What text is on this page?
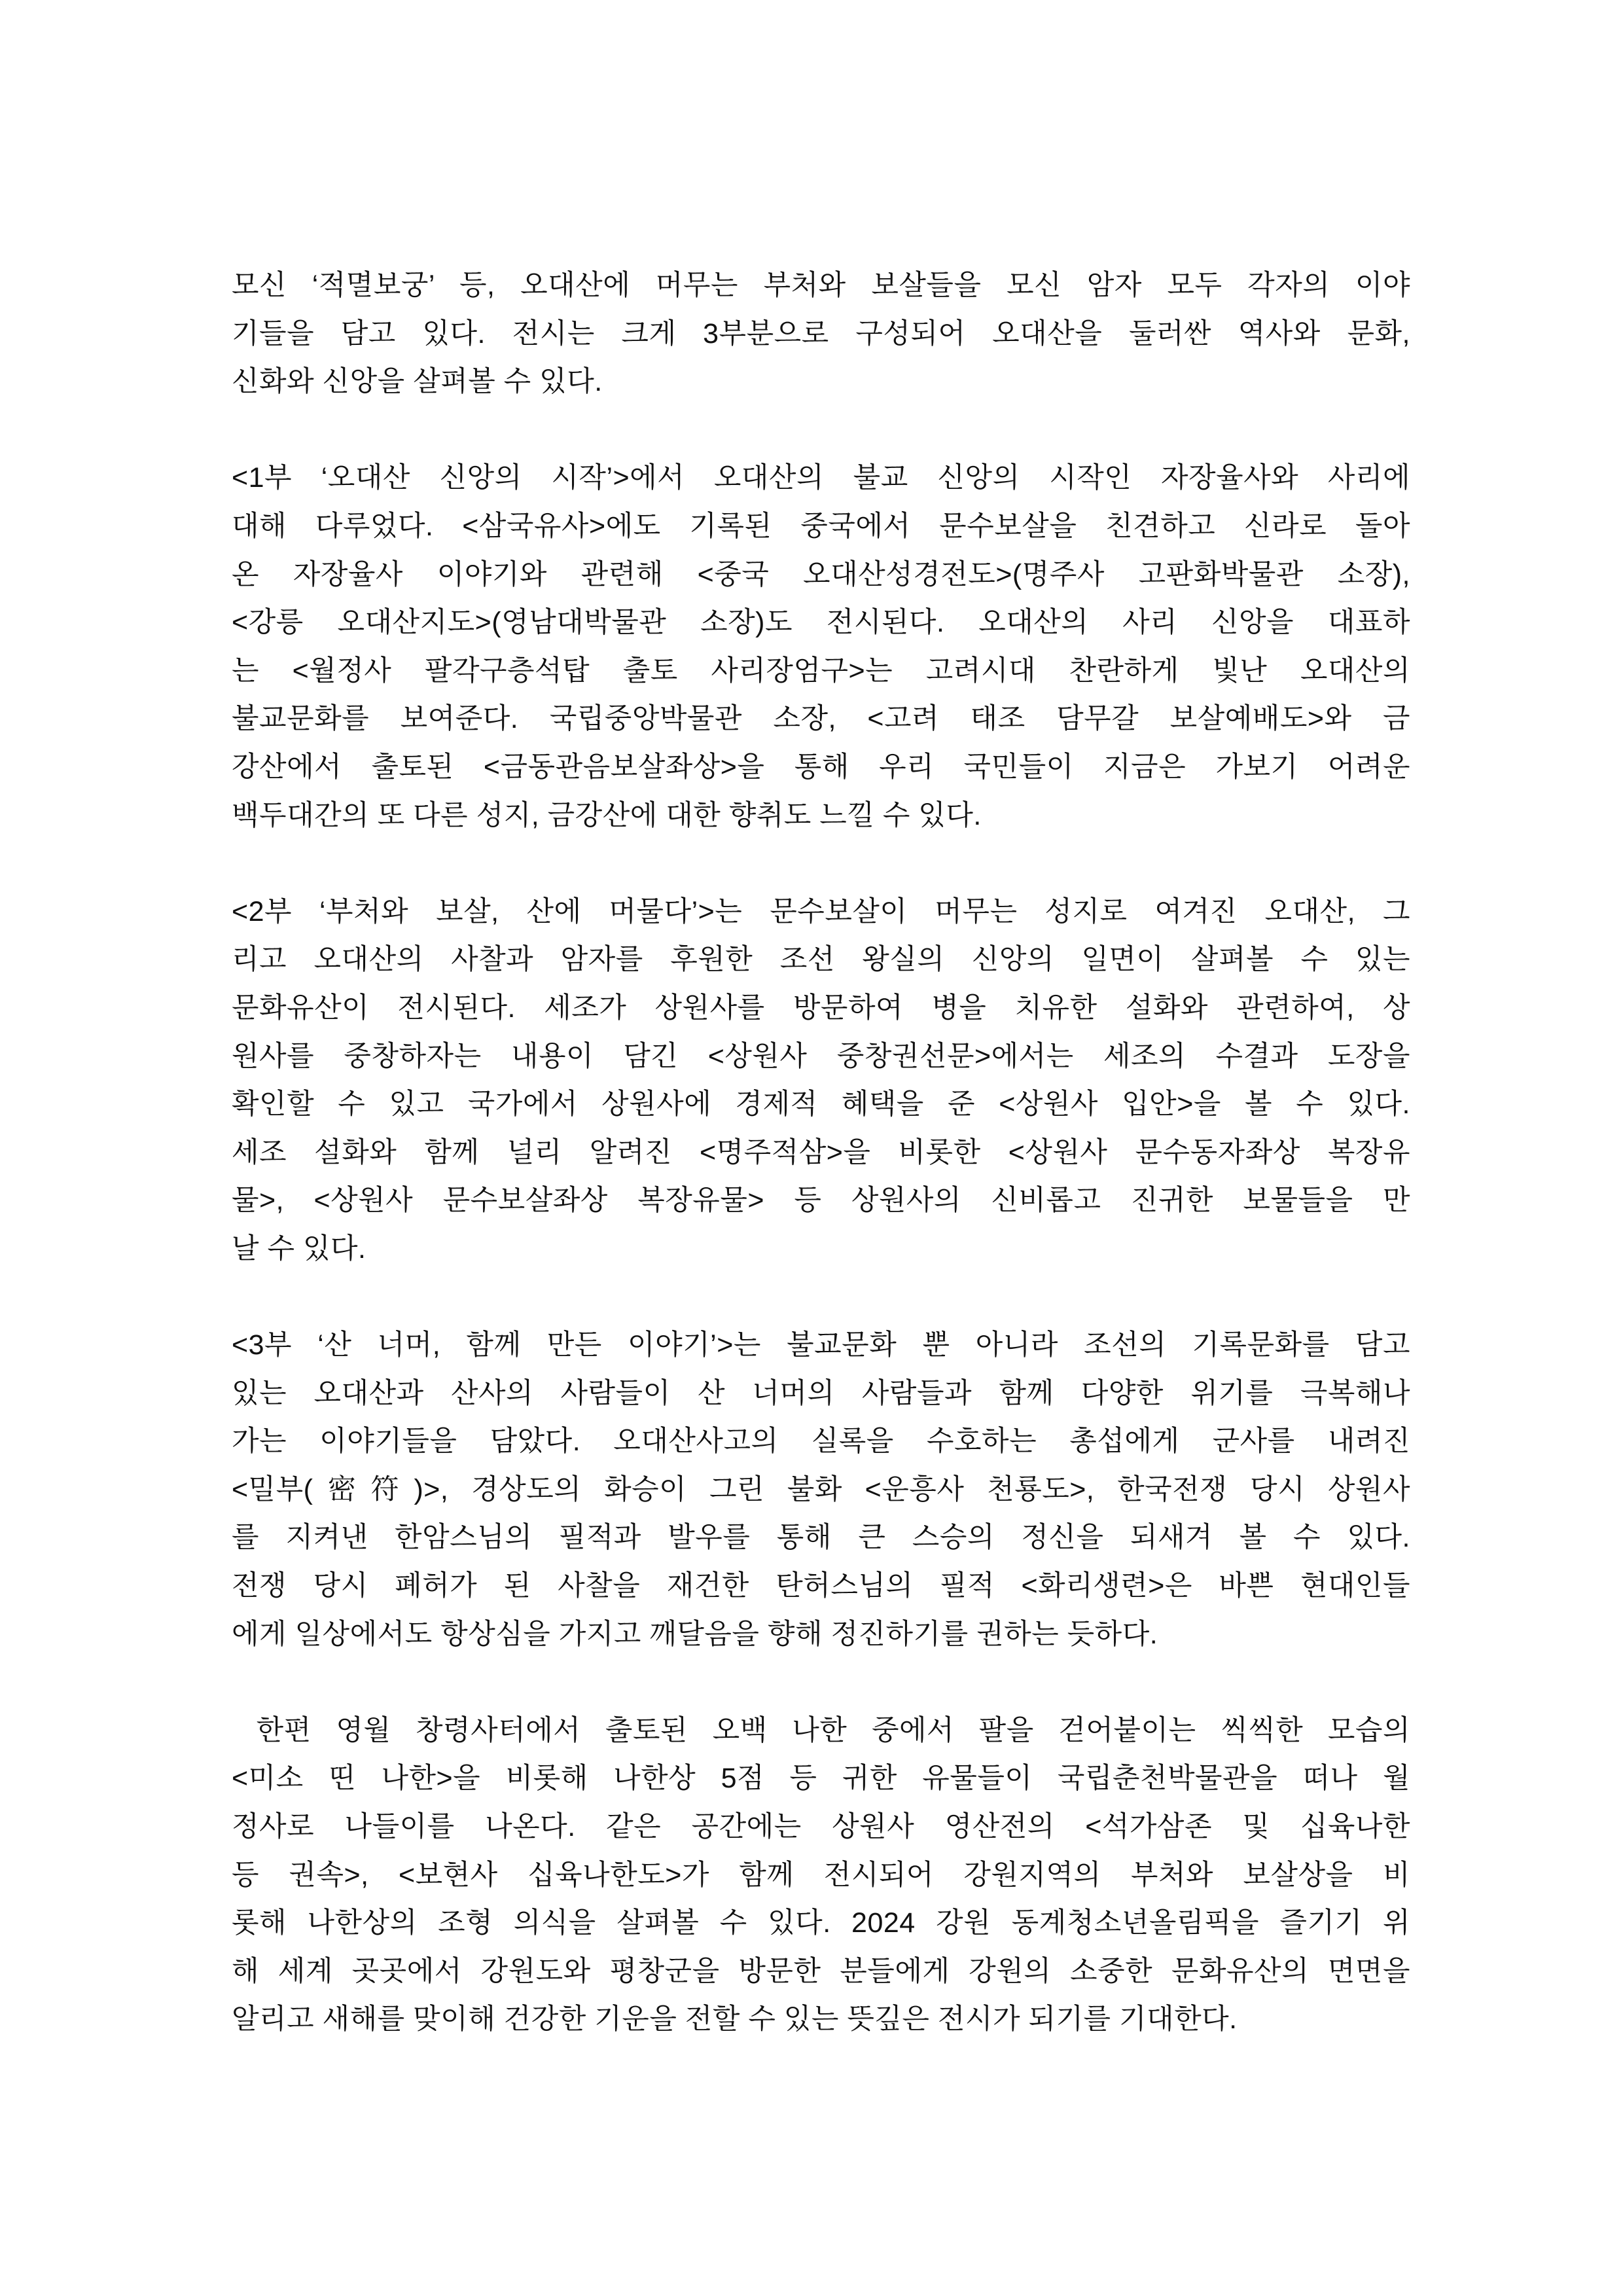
모신 ‘적멸보궁’ 등, 오대산에 머무는 부처와 보살들을 모신 암자 모두 각자의 이야
기들을 담고 있다. 전시는 크게 3부분으로 구성되어 오대산을 둘러싼 역사와 문화,
신화와 신앙을 살펴볼 수 있다.
<1부 ‘오대산 신앙의 시작’>에서 오대산의 불교 신앙의 시작인 자장율사와 사리에
대해 다루었다. <삼국유사>에도 기록된 중국에서 문수보살을 친견하고 신라로 돌아
온 자장율사 이야기와 관련해 <중국 오대산성경전도>(명주사 고판화박물관 소장),
<강릉 오대산지도>(영남대박물관 소장)도 전시된다. 오대산의 사리 신앙을 대표하
는 <월정사 팔각구층석탑 출토 사리장엄구>는 고려시대 찬란하게 빛난 오대산의
불교문화를 보여준다. 국립중앙박물관 소장, <고려 태조 담무갈 보살예배도>와 금
강산에서 출토된 <금동관음보살좌상>을 통해 우리 국민들이 지금은 가보기 어려운
백두대간의 또 다른 성지, 금강산에 대한 향취도 느낄 수 있다.
<2부 ‘부처와 보살, 산에 머물다’>는 문수보살이 머무는 성지로 여겨진 오대산, 그
리고 오대산의 사찰과 암자를 후원한 조선 왕실의 신앙의 일면이 살펴볼 수 있는
문화유산이 전시된다. 세조가 상원사를 방문하여 병을 치유한 설화와 관련하여, 상
원사를 중창하자는 내용이 담긴 <상원사 중창권선문>에서는 세조의 수결과 도장을
확인할 수 있고 국가에서 상원사에 경제적 혜택을 준 <상원사 입안>을 볼 수 있다.
세조 설화와 함께 널리 알려진 <명주적삼>을 비롯한 <상원사 문수동자좌상 복장유
물>, <상원사 문수보살좌상 복장유물> 등 상원사의 신비롭고 진귀한 보물들을 만
날 수 있다.
<3부 ‘산 너머, 함께 만든 이야기’>는 불교문화 뿐 아니라 조선의 기록문화를 담고
있는 오대산과 산사의 사람들이 산 너머의 사람들과 함께 다양한 위기를 극복해나
가는 이야기들을 담았다. 오대산사고의 실록을 수호하는 총섭에게 군사를 내려진
<밀부(密符)>, 경상도의 화승이 그린 불화 <운흥사 천룡도>, 한국전쟁 당시 상원사
를 지켜낸 한암스님의 필적과 발우를 통해 큰 스승의 정신을 되새겨 볼 수 있다.
전쟁 당시 폐허가 된 사찰을 재건한 탄허스님의 필적 <화리생련>은 바쁜 현대인들
에게 일상에서도 항상심을 가지고 깨달음을 향해 정진하기를 권하는 듯하다.
한편 영월 창령사터에서 출토된 오백 나한 중에서 팔을 걷어붙이는 씩씩한 모습의
<미소 띤 나한>을 비롯해 나한상 5점 등 귀한 유물들이 국립춘천박물관을 떠나 월
정사로 나들이를 나온다. 같은 공간에는 상원사 영산전의 <석가삼존 및 십육나한
등 권속>, <보현사 십육나한도>가 함께 전시되어 강원지역의 부처와 보살상을 비
롯해 나한상의 조형 의식을 살펴볼 수 있다. 2024 강원 동계청소년올림픽을 즐기기 위
해 세계 곳곳에서 강원도와 평창군을 방문한 분들에게 강원의 소중한 문화유산의 면면을
알리고 새해를 맞이해 건강한 기운을 전할 수 있는 뜻깊은 전시가 되기를 기대한다.
